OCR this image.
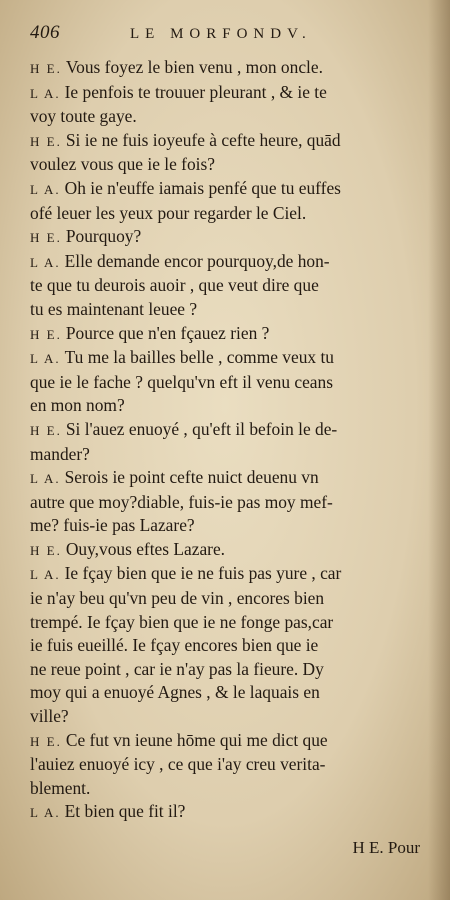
406	LE MORFONDV.
H E. Vous foyez le bien venu , mon oncle.
L A. Ie penfois te trouuer pleurant , & ie te
voy toute gaye.
H E. Si ie ne fuis ioyeufe à cefte heure, quād
voulez vous que ie le fois?
L A. Oh ie n'euffe iamais penfé que tu euffes
ofé leuer les yeux pour regarder le Ciel.
H E. Pourquoy?
L A. Elle demande encor pourquoy,de hon-
te que tu deurois auoir , que veut dire que
tu es maintenant leuee ?
H E. Pource que n'en fçauez rien ?
L A. Tu me la bailles belle , comme veux tu
que ie le fache ? quelqu'vn eft il venu ceans
en mon nom?
H E. Si l'auez enuoyé , qu'eft il befoin le de-
mander?
L A. Serois ie point cefte nuict deuenu vn
autre que moy?diable, fuis-ie pas moy mef-
me? fuis-ie pas Lazare?
H E. Ouy,vous eftes Lazare.
L A. Ie fçay bien que ie ne fuis pas yure , car
ie n'ay beu qu'vn peu de vin , encores bien
trempé. Ie fçay bien que ie ne fonge pas,car
ie fuis eueillé. Ie fçay encores bien que ie
ne reue point , car ie n'ay pas la fieure. Dy
moy qui a enuoyé Agnes , & le laquais en
ville?
H E. Ce fut vn ieune hōme qui me dict que
l'auiez enuoyé icy , ce que i'ay creu verita-
blement.
L A. Et bien que fit il?
H E. Pour
